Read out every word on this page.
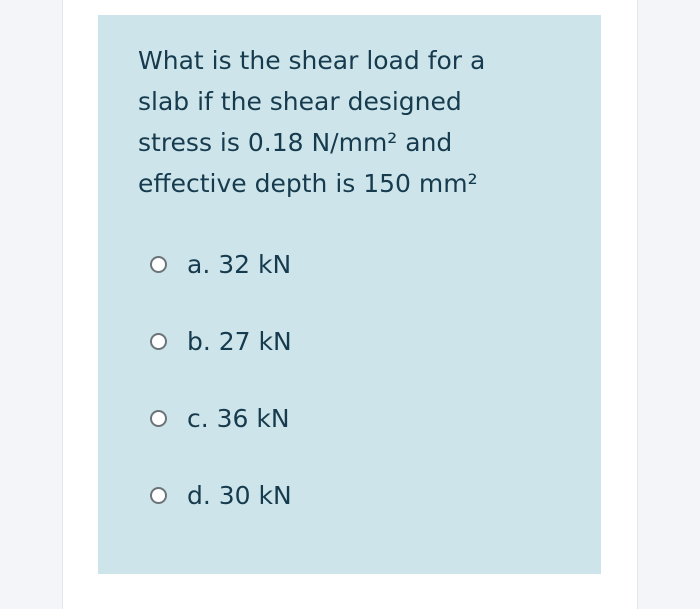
What is the shear load for a
slab if the shear designed
stress is 0.18 N/mm² and
effective depth is 150 mm²

a. 32 kN
b. 27 kN
c. 36 kN
d. 30 kN
